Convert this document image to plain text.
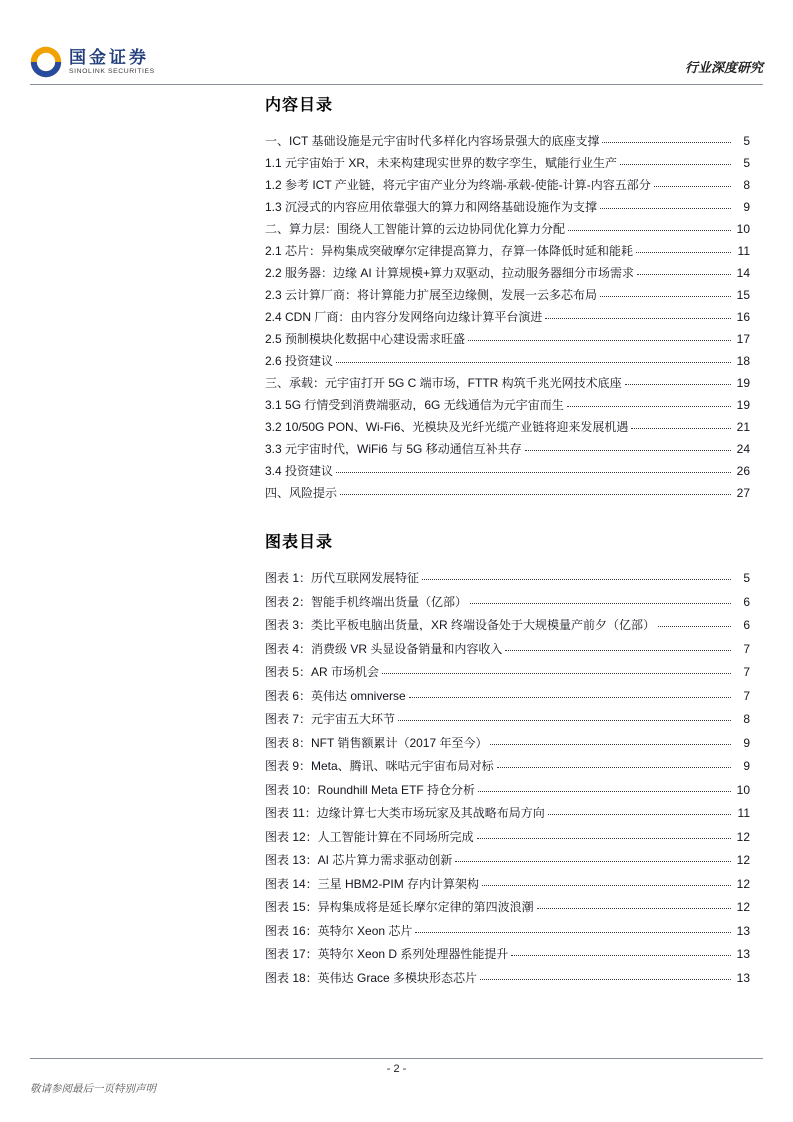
国金证券
SINOLINK SECURITIES	行业深度研究
内容目录
一、ICT 基础设施是元宇宙时代多样化内容场景强大的底座支撑	5
1.1 元宇宙始于 XR，未来构建现实世界的数字孪生，赋能行业生产	5
1.2 参考 ICT 产业链，将元宇宙产业分为终端-承载-使能-计算-内容五部分	8
1.3 沉浸式的内容应用依靠强大的算力和网络基础设施作为支撑	9
二、算力层：围绕人工智能计算的云边协同优化算力分配	10
2.1 芯片：异构集成突破摩尔定律提高算力，存算一体降低时延和能耗	11
2.2 服务器：边缘 AI 计算规模+算力双驱动，拉动服务器细分市场需求	14
2.3 云计算厂商：将计算能力扩展至边缘侧，发展一云多芯布局	15
2.4 CDN 厂商：由内容分发网络向边缘计算平台演进	16
2.5 预制模块化数据中心建设需求旺盛	17
2.6 投资建议	18
三、承载：元宇宙打开 5G C 端市场，FTTR 构筑千兆光网技术底座	19
3.1 5G 行情受到消费端驱动，6G 无线通信为元宇宙而生	19
3.2 10/50G PON、Wi-Fi6、光模块及光纤光缆产业链将迎来发展机遇	21
3.3 元宇宙时代，WiFi6 与 5G 移动通信互补共存	24
3.4 投资建议	26
四、风险提示	27
图表目录
图表 1：历代互联网发展特征	5
图表 2：智能手机终端出货量（亿部）	6
图表 3：类比平板电脑出货量，XR 终端设备处于大规模量产前夕（亿部）	6
图表 4：消费级 VR 头显设备销量和内容收入	7
图表 5：AR 市场机会	7
图表 6：英伟达 omniverse	7
图表 7：元宇宙五大环节	8
图表 8：NFT 销售额累计（2017 年至今）	9
图表 9：Meta、腾讯、咪咕元宇宙布局对标	9
图表 10：Roundhill Meta ETF 持仓分析	10
图表 11：边缘计算七大类市场玩家及其战略布局方向	11
图表 12：人工智能计算在不同场所完成	12
图表 13：AI 芯片算力需求驱动创新	12
图表 14：三星 HBM2-PIM 存内计算架构	12
图表 15：异构集成将是延长摩尔定律的第四波浪潮	12
图表 16：英特尔 Xeon 芯片	13
图表 17：英特尔 Xeon D 系列处理器性能提升	13
图表 18：英伟达 Grace 多模块形态芯片	13
- 2 -
敬请参阅最后一页特别声明
